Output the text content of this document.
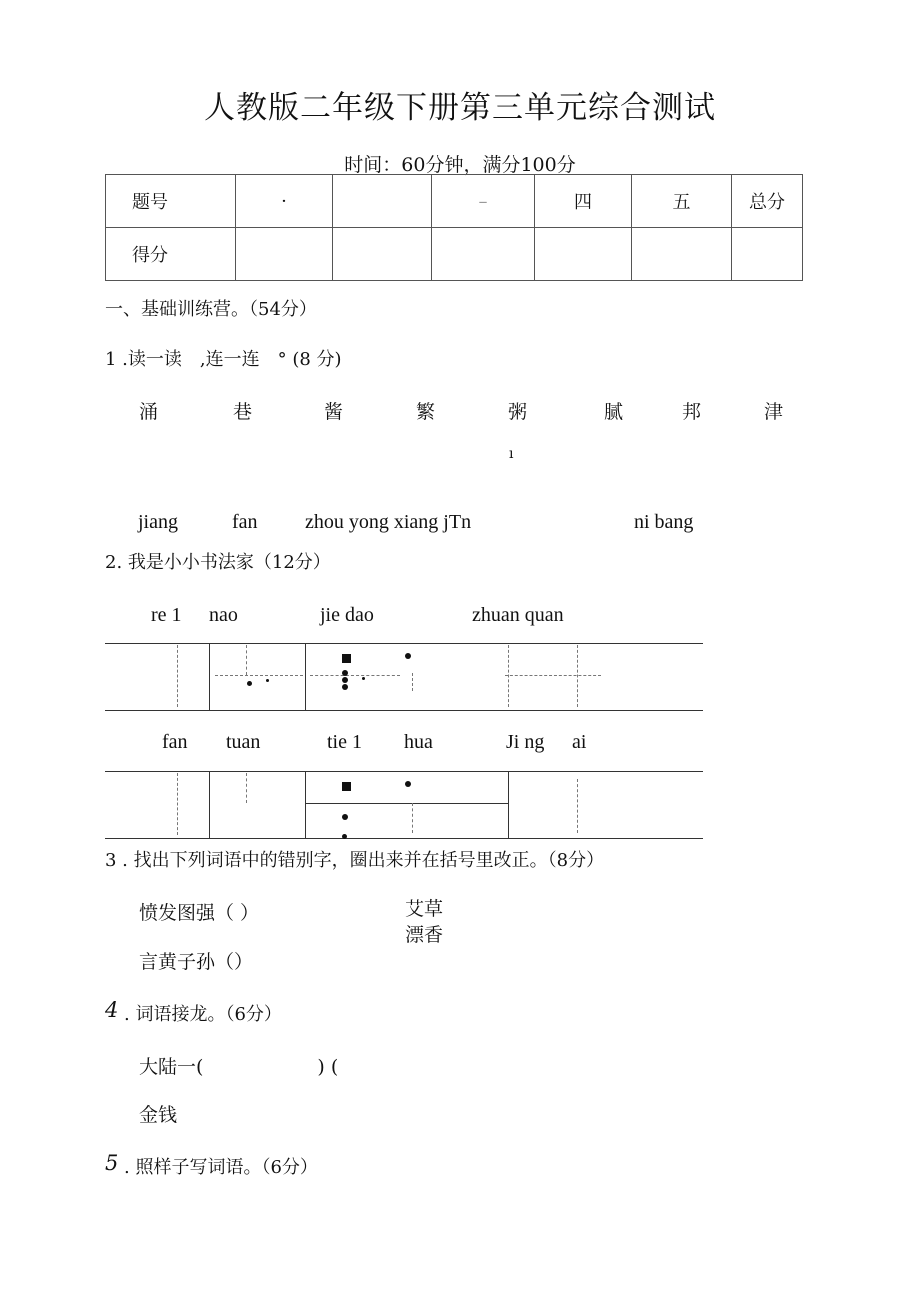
人教版二年级下册第三单元综合测试
时间：60分钟，满分100分
题号	·		–	四	五	总分
得分						
一、基础训练营。（54分）
1 .读一读　,连一连　° (8 分)
涌	巷	酱	繁	粥	腻	邦	津
ı
jiang	fan zhou yong xiang jTn	ni bang
2. 我是小小书法家（12分）
re 1 nao	jie dao	zhuan quan
fan tuan	tie 1 hua	Ji ng ai
3 . 找出下列词语中的错别字，圈出来并在括号里改正。（8分）
愤发图强（ ）	艾草
漂香
言黄子孙（）
4 . 词语接龙。（6分）
大陆一(　　　　　　) (
金钱
5 . 照样子写词语。（6分）
